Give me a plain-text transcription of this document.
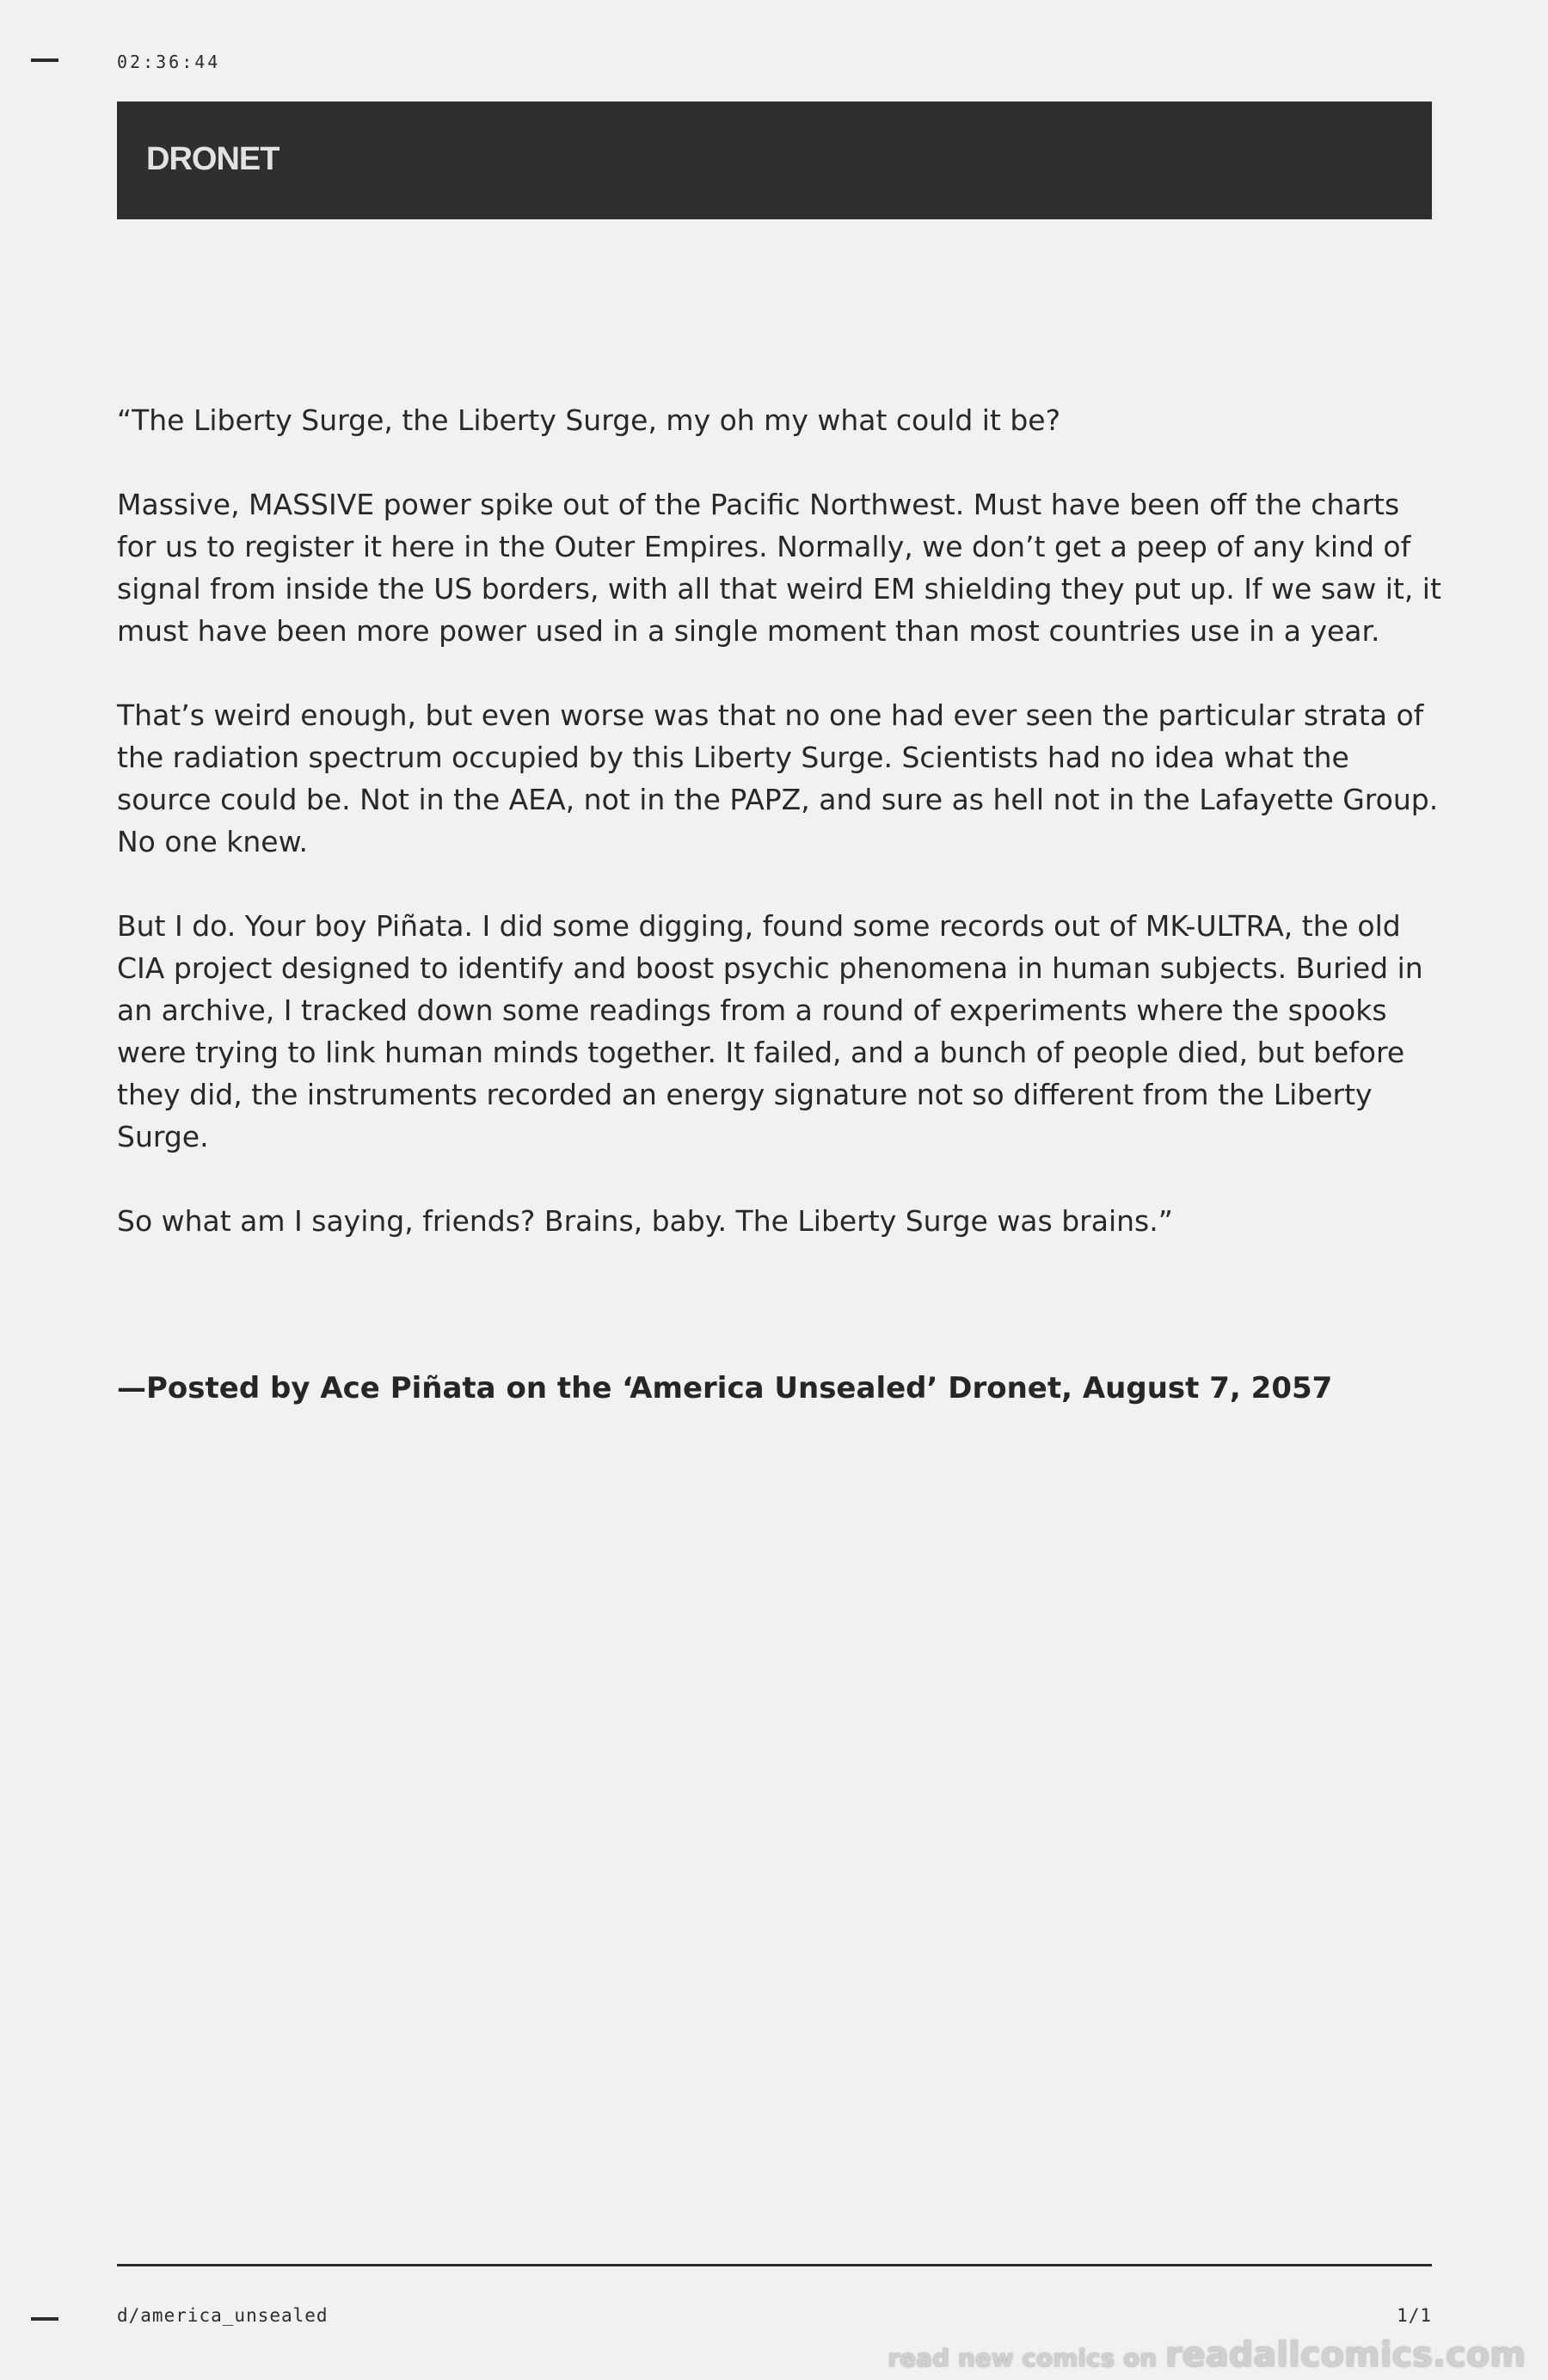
02:36:44
DRONET

“The Liberty Surge, the Liberty Surge, my oh my what could it be?

Massive, MASSIVE power spike out of the Pacific Northwest. Must have been off the charts for us to register it here in the Outer Empires. Normally, we don’t get a peep of any kind of signal from inside the US borders, with all that weird EM shielding they put up. If we saw it, it must have been more power used in a single moment than most countries use in a year.

That’s weird enough, but even worse was that no one had ever seen the particular strata of the radiation spectrum occupied by this Liberty Surge. Scientists had no idea what the source could be. Not in the AEA, not in the PAPZ, and sure as hell not in the Lafayette Group. No one knew.

But I do. Your boy Piñata. I did some digging, found some records out of MK-ULTRA, the old CIA project designed to identify and boost psychic phenomena in human subjects. Buried in an archive, I tracked down some readings from a round of experiments where the spooks were trying to link human minds together. It failed, and a bunch of people died, but before they did, the instruments recorded an energy signature not so different from the Liberty Surge.

So what am I saying, friends? Brains, baby. The Liberty Surge was brains.”

—Posted by Ace Piñata on the ‘America Unsealed’ Dronet, August 7, 2057
d/america_unsealed	1/1
read new comics on readallcomics.com
